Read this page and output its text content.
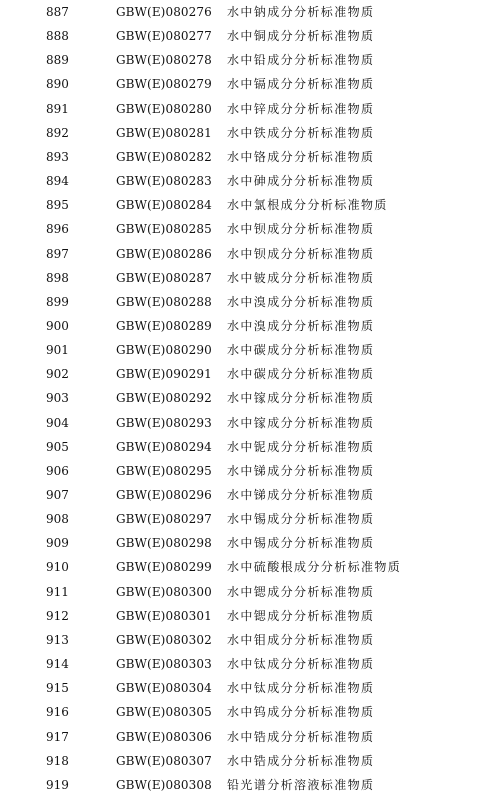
887	GBW(E)080276 水中钠成分分析标准物质
888	GBW(E)080277 水中铜成分分析标准物质
889	GBW(E)080278 水中铅成分分析标准物质
890	GBW(E)080279 水中镉成分分析标准物质
891	GBW(E)080280 水中锌成分分析标准物质
892	GBW(E)080281 水中铁成分分析标准物质
893	GBW(E)080282 水中铬成分分析标准物质
894	GBW(E)080283 水中砷成分分析标准物质
895	GBW(E)080284 水中氯根成分分析标准物质
896	GBW(E)080285 水中钡成分分析标准物质
897	GBW(E)080286 水中钡成分分析标准物质
898	GBW(E)080287 水中铍成分分析标准物质
899	GBW(E)080288 水中溴成分分析标准物质
900	GBW(E)080289 水中溴成分分析标准物质
901	GBW(E)080290 水中碳成分分析标准物质
902	GBW(E)090291 水中碳成分分析标准物质
903	GBW(E)080292 水中镓成分分析标准物质
904	GBW(E)080293 水中镓成分分析标准物质
905	GBW(E)080294 水中铌成分分析标准物质
906	GBW(E)080295 水中锑成分分析标准物质
907	GBW(E)080296 水中锑成分分析标准物质
908	GBW(E)080297 水中锡成分分析标准物质
909	GBW(E)080298 水中锡成分分析标准物质
910	GBW(E)080299 水中硫酸根成分分析标准物质
911	GBW(E)080300 水中锶成分分析标准物质
912	GBW(E)080301 水中锶成分分析标准物质
913	GBW(E)080302 水中钼成分分析标准物质
914	GBW(E)080303 水中钛成分分析标准物质
915	GBW(E)080304 水中钛成分分析标准物质
916	GBW(E)080305 水中钨成分分析标准物质
917	GBW(E)080306 水中锆成分分析标准物质
918	GBW(E)080307 水中锆成分分析标准物质
919	GBW(E)080308 铅光谱分析溶液标准物质
